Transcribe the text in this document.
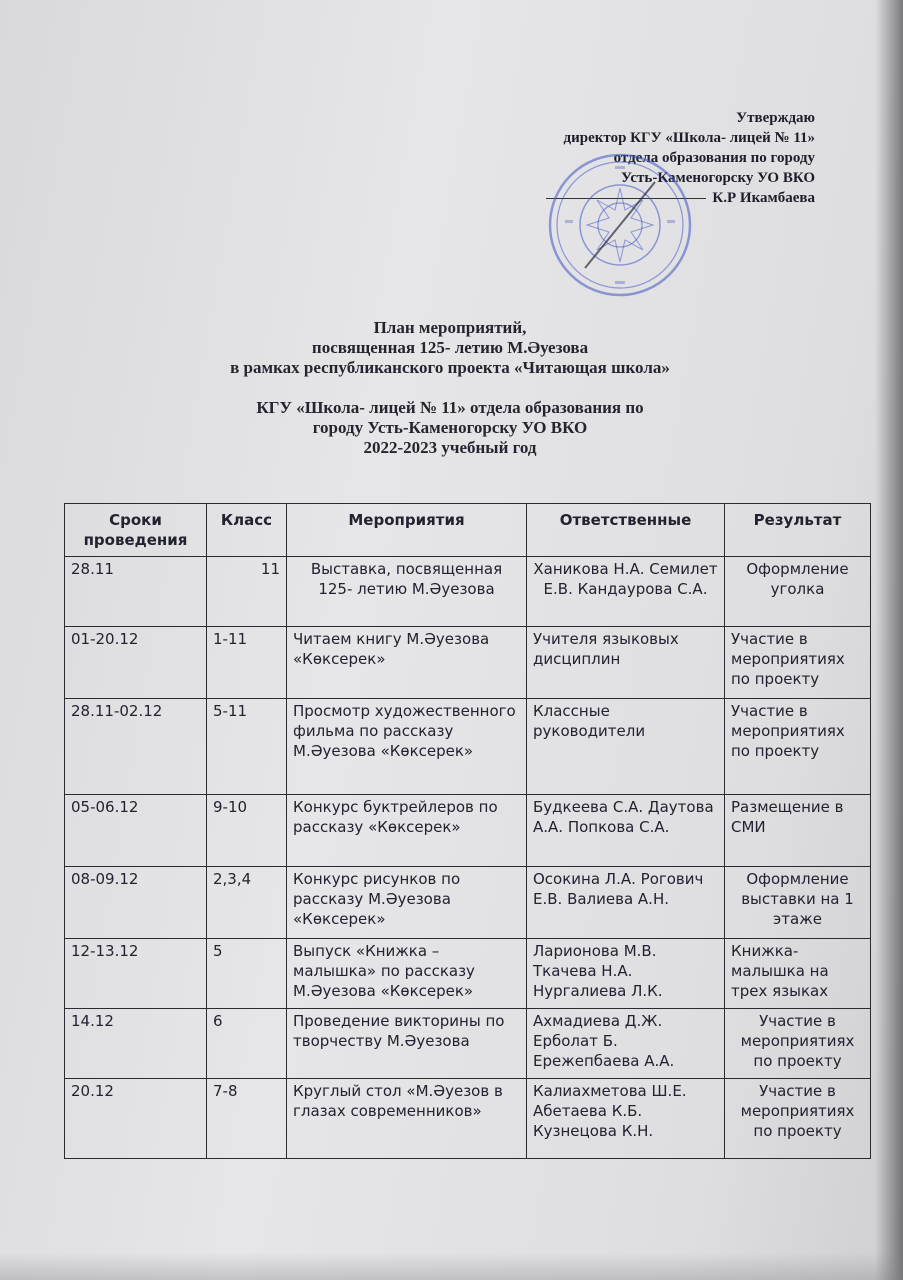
Утверждаю
директор КГУ «Школа- лицей № 11»
отдела образования по городу
Усть-Каменогорску УО ВКО
К.Р Икамбаева
План мероприятий,
посвященная 125- летию М.Әуезова
в рамках республиканского проекта «Читающая школа»
КГУ «Школа- лицей № 11» отдела образования по
городу Усть-Каменогорску УО ВКО
2022-2023 учебный год
Сроки проведения	Класс	Мероприятия	Ответственные	Результат
28.11	11	Выставка, посвященная 125- летию М.Әуезова	Ханикова Н.А. Семилет Е.В. Кандаурова С.А.	Оформление уголка
01-20.12	1-11	Читаем книгу М.Әуезова «Көксерек»	Учителя языковых дисциплин	Участие в мероприятиях по проекту
28.11-02.12	5-11	Просмотр художественного фильма по рассказу М.Әуезова «Көксерек»	Классные руководители	Участие в мероприятиях по проекту
05-06.12	9-10	Конкурс буктрейлеров по рассказу «Көксерек»	Будкеева С.А. Даутова А.А. Попкова С.А.	Размещение в СМИ
08-09.12	2,3,4	Конкурс рисунков по рассказу М.Әуезова «Көксерек»	Осокина Л.А. Рогович Е.В. Валиева А.Н.	Оформление выставки на 1 этаже
12-13.12	5	Выпуск «Книжка – малышка» по рассказу М.Әуезова «Көксерек»	Ларионова М.В. Ткачева Н.А. Нургалиева Л.К.	Книжка-малышка на трех языках
14.12	6	Проведение викторины по творчеству М.Әуезова	Ахмадиева Д.Ж. Ерболат Б. Ережепбаева А.А.	Участие в мероприятиях по проекту
20.12	7-8	Круглый стол «М.Әуезов в глазах современников»	Калиахметова Ш.Е. Абетаева К.Б. Кузнецова К.Н.	Участие в мероприятиях по проекту
